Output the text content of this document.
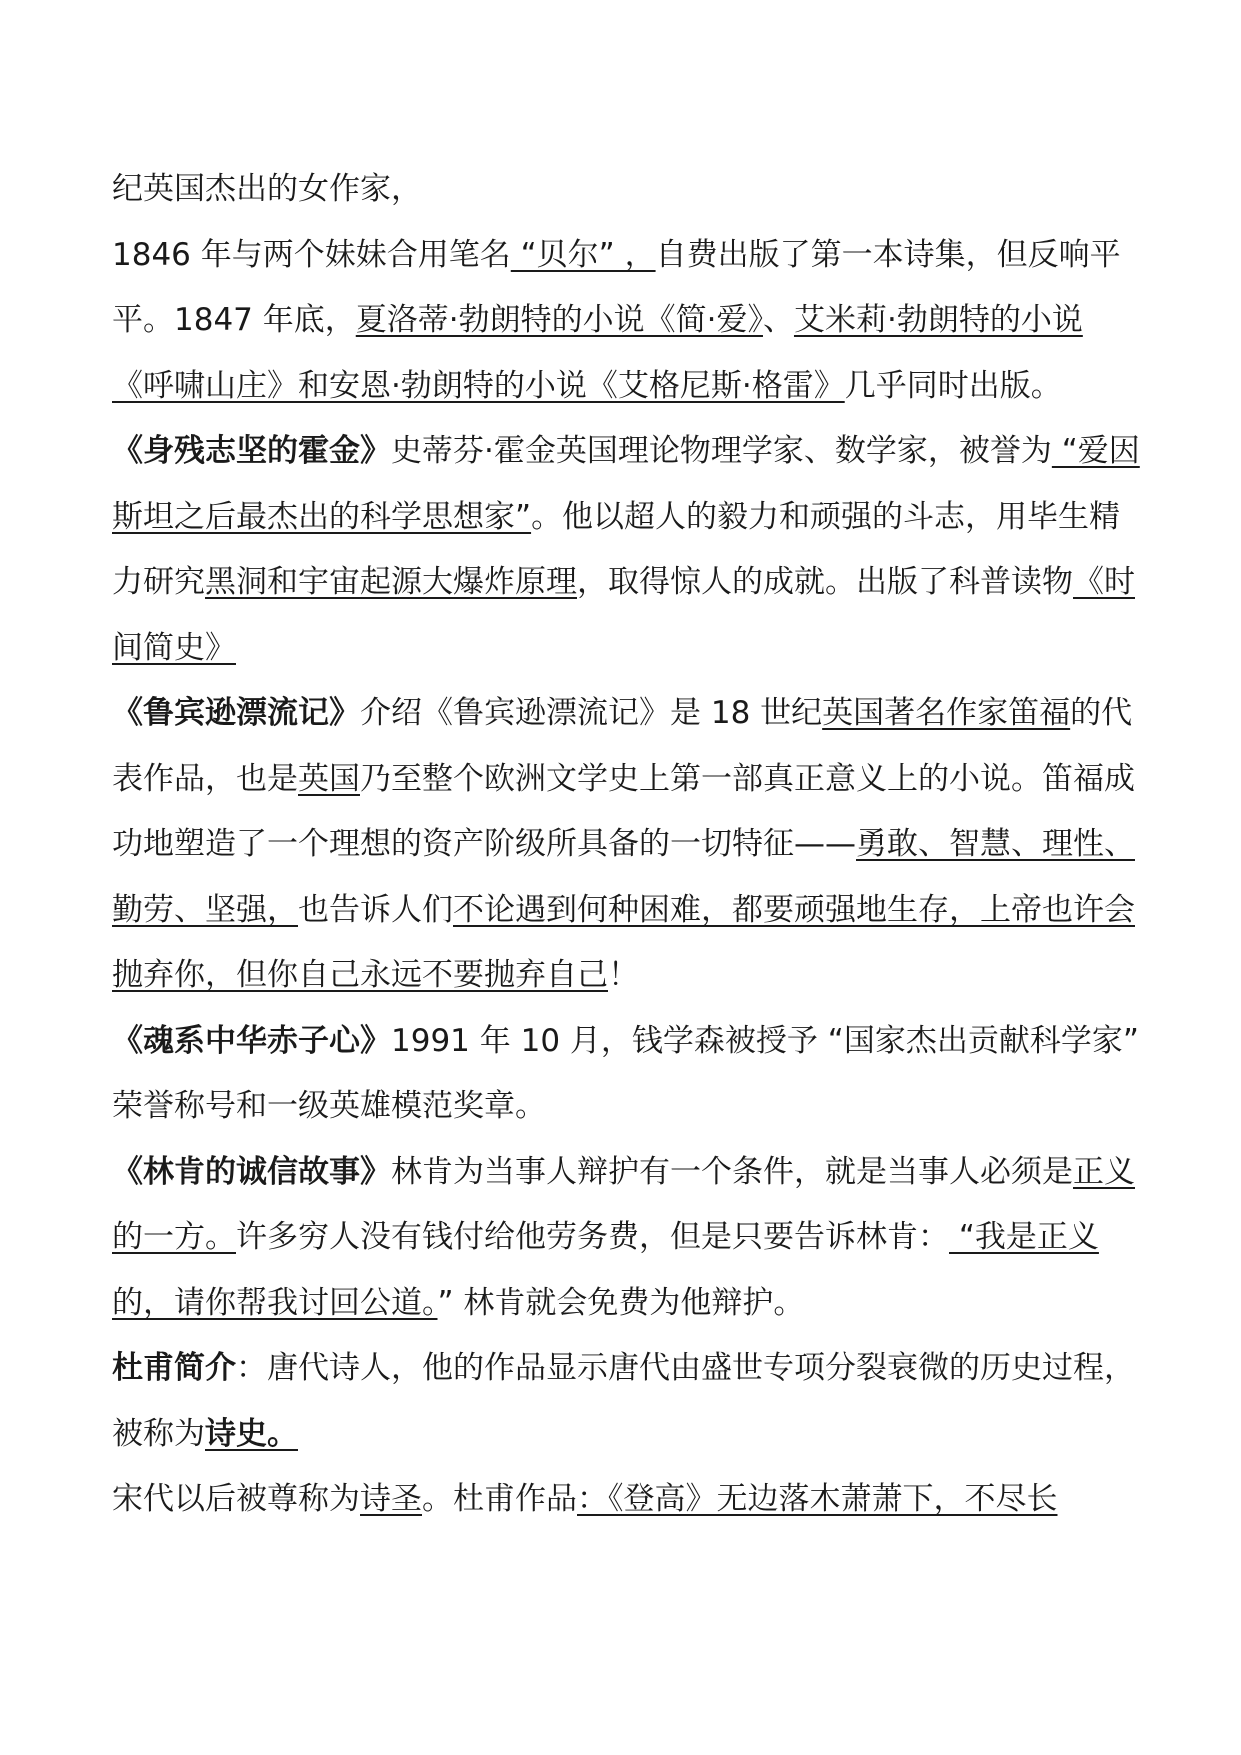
纪英国杰出的女作家，

1846 年与两个妹妹合用笔名 “贝尔” ，自费出版了第一本诗集，但反响平平。1847 年底，夏洛蒂·勃朗特的小说《简·爱》、艾米莉·勃朗特的小说《呼啸山庄》和安恩·勃朗特的小说《艾格尼斯·格雷》几乎同时出版。

《身残志坚的霍金》史蒂芬·霍金英国理论物理学家、数学家，被誉为 “爱因斯坦之后最杰出的科学思想家”。他以超人的毅力和顽强的斗志，用毕生精力研究黑洞和宇宙起源大爆炸原理，取得惊人的成就。出版了科普读物《时间简史》

《鲁宾逊漂流记》介绍《鲁宾逊漂流记》是 18 世纪英国著名作家笛福的代表作品，也是英国乃至整个欧洲文学史上第一部真正意义上的小说。笛福成功地塑造了一个理想的资产阶级所具备的一切特征——勇敢、智慧、理性、勤劳、坚强，也告诉人们不论遇到何种困难，都要顽强地生存，上帝也许会抛弃你，但你自己永远不要抛弃自己！

《魂系中华赤子心》1991 年 10 月，钱学森被授予 “国家杰出贡献科学家” 荣誉称号和一级英雄模范奖章。

《林肯的诚信故事》林肯为当事人辩护有一个条件，就是当事人必须是正义的一方。许多穷人没有钱付给他劳务费，但是只要告诉林肯： “我是正义的，请你帮我讨回公道。” 林肯就会免费为他辩护。

杜甫简介：唐代诗人，他的作品显示唐代由盛世专项分裂衰微的历史过程，被称为诗史。

宋代以后被尊称为诗圣。杜甫作品：《登高》无边落木萧萧下，不尽长
